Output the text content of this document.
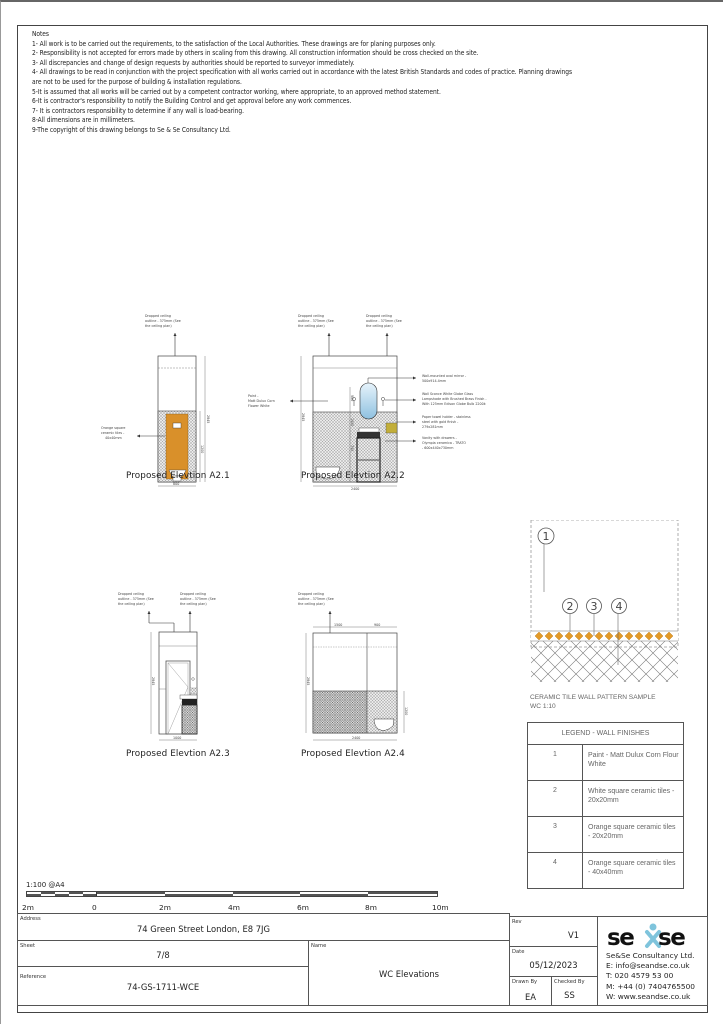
Notes
1- All work is to be carried out the requirements, to the satisfaction of the Local Authorities. These drawings are for planing purposes only.
2- Responsibility is not accepted for errors made by others in scaling from this drawing. All construction information should be cross checked on the site.
3- All discrepancies and change of design requests by authorities should be reported to surveyor immediately.
4- All drawings to be read in conjunction with the project specification with all works carried out in accordance with the latest British Standards and codes of practice. Planning drawings are not to be used for the purpose of building & installation regulations.
5-It is assumed that all works will be carried out by a competent contractor working, where appropriate, to an approved method statement.
6-It is contractor's responsibility to notify the Building Control and get approval before any work commences.
7- It is contractors responsibility to determine if any wall is load-bearing.
8-All dimensions are in millimeters.
9-The copyright of this drawing belongs to Se & Se Consultancy Ltd.
Dropped ceiling
outline - 375mm (See
the ceiling plan)
2845
1200
800
Orange square
ceramic tiles -
40x40mm
Proposed Elevtion A2.1
Dropped ceiling
outline - 375mm (See
the ceiling plan)
Dropped ceiling
outline - 375mm (See
the ceiling plan)
2845
900
1500
730
2400
Paint -
Matt Dulux Corn
Flower White
Wall-mounted oval mirror -
500x914.4mm
Wall Sconce White Globe Glass
Lampshade with Brushed Brass Finish -
With 125mm Edison Globe Bulb 2200k
Paper towel holder - stainless
steel with gold finish -
279x281mm
Vanity with drawers -
Olympia ceramica - TRATO
- 600x440x730mm
Proposed Elevtion A2.2
Dropped ceiling
outline - 375mm (See
the ceiling plan)
Dropped ceiling
outline - 375mm (See
the ceiling plan)
2845
1000
Proposed Elevtion A2.3
Dropped ceiling
outline - 375mm (See
the ceiling plan)
1500	900
2845
1200
2400
Proposed Elevtion A2.4
1
2 3 4
CERAMIC TILE WALL PATTERN SAMPLE
WC 1:10
LEGEND - WALL FINISHES	
1	Paint - Matt Dulux Corn Flour White
2	White square ceramic tiles - 20x20mm
3	Orange square ceramic tiles - 20x20mm
4	Orange square ceramic tiles - 40x40mm
1:100 @A4
2m	0	2m	4m	6m	8m	10m
Address
74 Green Street London, E8 7JG
Sheet
7/8
Reference
74-GS-1711-WCE
Name
WC Elevations
Rev
V1
Date
05/12/2023
Drawn By
EA
Checked By
SS
se se
Se&Se Consultancy Ltd.
E: info@seandse.co.uk
T: 020 4579 53 00
M: +44 (0) 7404765500
W: www.seandse.co.uk
